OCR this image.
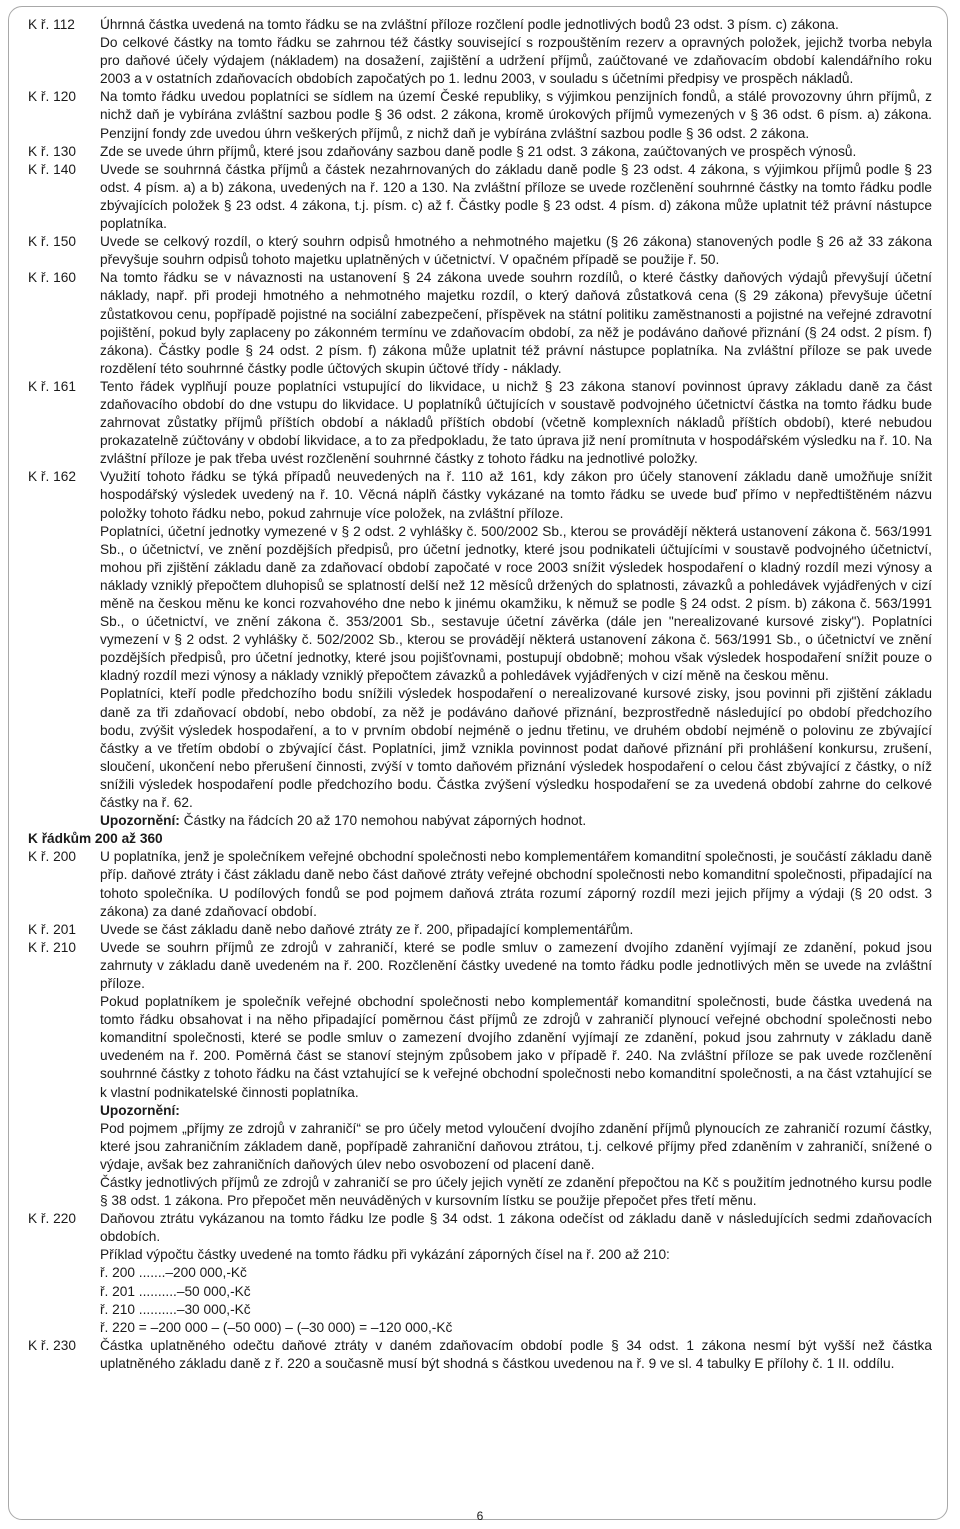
K ř. 112	Úhrnná částka uvedená na tomto řádku se na zvláštní příloze rozčlení podle jednotlivých bodů 23 odst. 3 písm. c) zákona.

Do celkové částky na tomto řádku se zahrnou též částky související s rozpouštěním rezerv a opravných položek, jejichž tvorba nebyla pro daňové účely výdajem (nákladem) na dosažení, zajištění a udržení příjmů, zaúčtované ve zdaňovacím období kalendářního roku 2003 a v ostatních zdaňovacích obdobích započatých po 1. lednu 2003, v souladu s účetními předpisy ve prospěch nákladů.

K ř. 120	Na tomto řádku uvedou poplatníci se sídlem na území České republiky, s výjimkou penzijních fondů, a stálé provozovny úhrn příjmů, z nichž daň je vybírána zvláštní sazbou podle § 36 odst. 2 zákona, kromě úrokových příjmů vymezených v § 36 odst. 6 písm. a) zákona. Penzijní fondy zde uvedou úhrn veškerých příjmů, z nichž daň je vybírána zvláštní sazbou podle § 36 odst. 2 zákona.

K ř. 130	Zde se uvede úhrn příjmů, které jsou zdaňovány sazbou daně podle § 21 odst. 3 zákona, zaúčtovaných ve prospěch výnosů.

K ř. 140	Uvede se souhrnná částka příjmů a částek nezahrnovaných do základu daně podle § 23 odst. 4 zákona, s výjimkou příjmů podle § 23 odst. 4 písm. a) a b) zákona, uvedených na ř. 120 a 130. Na zvláštní příloze se uvede rozčlenění souhrnné částky na tomto řádku podle zbývajících položek § 23 odst. 4 zákona, t.j. písm. c) až f. Částky podle § 23 odst. 4 písm. d) zákona může uplatnit též právní nástupce poplatníka.

K ř. 150	Uvede se celkový rozdíl, o který souhrn odpisů hmotného a nehmotného majetku (§ 26 zákona) stanovených podle § 26 až 33 zákona převyšuje souhrn odpisů tohoto majetku uplatněných v účetnictví. V opačném případě se použije ř. 50.

K ř. 160	Na tomto řádku se v návaznosti na ustanovení § 24 zákona uvede souhrn rozdílů, o které částky daňových výdajů převyšují účetní náklady, např. při prodeji hmotného a nehmotného majetku rozdíl, o který daňová zůstatková cena (§ 29 zákona) převyšuje účetní zůstatkovou cenu, popřípadě pojistné na sociální zabezpečení, příspěvek na státní politiku zaměstnanosti a pojistné na veřejné zdravotní pojištění, pokud byly zaplaceny po zákonném termínu ve zdaňovacím období, za něž je podáváno daňové přiznání (§ 24 odst. 2 písm. f) zákona). Částky podle § 24 odst. 2 písm. f) zákona může uplatnit též právní nástupce poplatníka. Na zvláštní příloze se pak uvede rozdělení této souhrnné částky podle účtových skupin účtové třídy - náklady.

K ř. 161	Tento řádek vyplňují pouze poplatníci vstupující do likvidace, u nichž § 23 zákona stanoví povinnost úpravy základu daně za část zdaňovacího období do dne vstupu do likvidace. U poplatníků účtujících v soustavě podvojného účetnictví částka na tomto řádku bude zahrnovat zůstatky příjmů příštích období a nákladů příštích období (včetně komplexních nákladů příštích období), které nebudou prokazatelně zúčtovány v období likvidace, a to za předpokladu, že tato úprava již není promítnuta v hospodářském výsledku na ř. 10. Na zvláštní příloze je pak třeba uvést rozčlenění souhrnné částky z tohoto řádku na jednotlivé položky.

K ř. 162	Využití tohoto řádku se týká případů neuvedených na ř. 110 až 161, kdy zákon pro účely stanovení základu daně umožňuje snížit hospodářský výsledek uvedený na ř. 10. Věcná náplň částky vykázané na tomto řádku se uvede buď přímo v nepředtištěném názvu položky tohoto řádku nebo, pokud zahrnuje více položek, na zvláštní příloze.

Poplatníci, účetní jednotky vymezené v § 2 odst. 2 vyhlášky č. 500/2002 Sb., kterou se provádějí některá ustanovení zákona č. 563/1991 Sb., o účetnictví, ve znění pozdějších předpisů, pro účetní jednotky, které jsou podnikateli účtujícími v soustavě podvojného účetnictví, mohou při zjištění základu daně za zdaňovací období započaté v roce 2003 snížit výsledek hospodaření o kladný rozdíl mezi výnosy a náklady vzniklý přepočtem dluhopisů se splatností delší než 12 měsíců držených do splatnosti, závazků a pohledávek vyjádřených v cizí měně na českou měnu ke konci rozvahového dne nebo k jinému okamžiku, k němuž se podle § 24 odst. 2 písm. b) zákona č. 563/1991 Sb., o účetnictví, ve znění zákona č. 353/2001 Sb., sestavuje účetní závěrka (dále jen "nerealizované kursové zisky"). Poplatníci vymezení v § 2 odst. 2 vyhlášky č. 502/2002 Sb., kterou se provádějí některá ustanovení zákona č. 563/1991 Sb., o účetnictví ve znění pozdějších předpisů, pro účetní jednotky, které jsou pojišťovnami, postupují obdobně; mohou však výsledek hospodaření snížit pouze o kladný rozdíl mezi výnosy a náklady vzniklý přepočtem závazků a pohledávek vyjádřených v cizí měně na českou měnu.

Poplatníci, kteří podle předchozího bodu snížili výsledek hospodaření o nerealizované kursové zisky, jsou povinni při zjištění základu daně za tři zdaňovací období, nebo období, za něž je podáváno daňové přiznání, bezprostředně následující po období předchozího bodu, zvýšit výsledek hospodaření, a to v prvním období nejméně o jednu třetinu, ve druhém období nejméně o polovinu ze zbývající částky a ve třetím období o zbývající část. Poplatníci, jimž vznikla povinnost podat daňové přiznání při prohlášení konkursu, zrušení, sloučení, ukončení nebo přerušení činnosti, zvýší v tomto daňovém přiznání výsledek hospodaření o celou část zbývající z částky, o níž snížili výsledek hospodaření podle předchozího bodu. Částka zvýšení výsledku hospodaření se za uvedená období zahrne do celkové částky na ř. 62.

Upozornění: Částky na řádcích 20 až 170 nemohou nabývat záporných hodnot.

K řádkům 200 až 360
K ř. 200	U poplatníka, jenž je společníkem veřejné obchodní společnosti nebo komplementářem komanditní společnosti, je součástí základu daně příp. daňové ztráty i část základu daně nebo část daňové ztráty veřejné obchodní společnosti nebo komanditní společnosti, připadající na tohoto společníka. U podílových fondů se pod pojmem daňová ztráta rozumí záporný rozdíl mezi jejich příjmy a výdaji (§ 20 odst. 3 zákona) za dané zdaňovací období.

K ř. 201	Uvede se část základu daně nebo daňové ztráty ze ř. 200, připadající komplementářům.

K ř. 210	Uvede se souhrn příjmů ze zdrojů v zahraničí, které se podle smluv o zamezení dvojího zdanění vyjímají ze zdanění, pokud jsou zahrnuty v základu daně uvedeném na ř. 200. Rozčlenění částky uvedené na tomto řádku podle jednotlivých měn se uvede na zvláštní příloze.

Pokud poplatníkem je společník veřejné obchodní společnosti nebo komplementář komanditní společnosti, bude částka uvedená na tomto řádku obsahovat i na něho připadající poměrnou část příjmů ze zdrojů v zahraničí plynoucí veřejné obchodní společnosti nebo komanditní společnosti, které se podle smluv o zamezení dvojího zdanění vyjímají ze zdanění, pokud jsou zahrnuty v základu daně uvedeném na ř. 200. Poměrná část se stanoví stejným způsobem jako v případě ř. 240. Na zvláštní příloze se pak uvede rozčlenění souhrnné částky z tohoto řádku na část vztahující se k veřejné obchodní společnosti nebo komanditní společnosti, a na část vztahující se k vlastní podnikatelské činnosti poplatníka.

Upozornění:

Pod pojmem „příjmy ze zdrojů v zahraničí“ se pro účely metod vyloučení dvojího zdanění příjmů plynoucích ze zahraničí rozumí částky, které jsou zahraničním základem daně, popřípadě zahraniční daňovou ztrátou, t.j. celkové příjmy před zdaněním v zahraničí, snížené o výdaje, avšak bez zahraničních daňových úlev nebo osvobození od placení daně.

Částky jednotlivých příjmů ze zdrojů v zahraničí se pro účely jejich vynětí ze zdanění přepočtou na Kč s použitím jednotného kursu podle § 38 odst. 1 zákona. Pro přepočet měn neuváděných v kursovním lístku se použije přepočet přes třetí měnu.

K ř. 220	Daňovou ztrátu vykázanou na tomto řádku lze podle § 34 odst. 1 zákona odečíst od základu daně v následujících sedmi zdaňovacích obdobích.

Příklad výpočtu částky uvedené na tomto řádku při vykázání záporných čísel na ř. 200 až 210:

ř. 200 .......–200 000,-Kč
ř. 201 ..........–50 000,-Kč
ř. 210 ..........–30 000,-Kč
ř. 220 = –200 000 – (–50 000) – (–30 000) = –120 000,-Kč
K ř. 230	Částka uplatněného odečtu daňové ztráty v daném zdaňovacím období podle § 34 odst. 1 zákona nesmí být vyšší než částka uplatněného základu daně z ř. 220 a současně musí být shodná s částkou uvedenou na ř. 9 ve sl. 4 tabulky E přílohy č. 1 II. oddílu.

6
